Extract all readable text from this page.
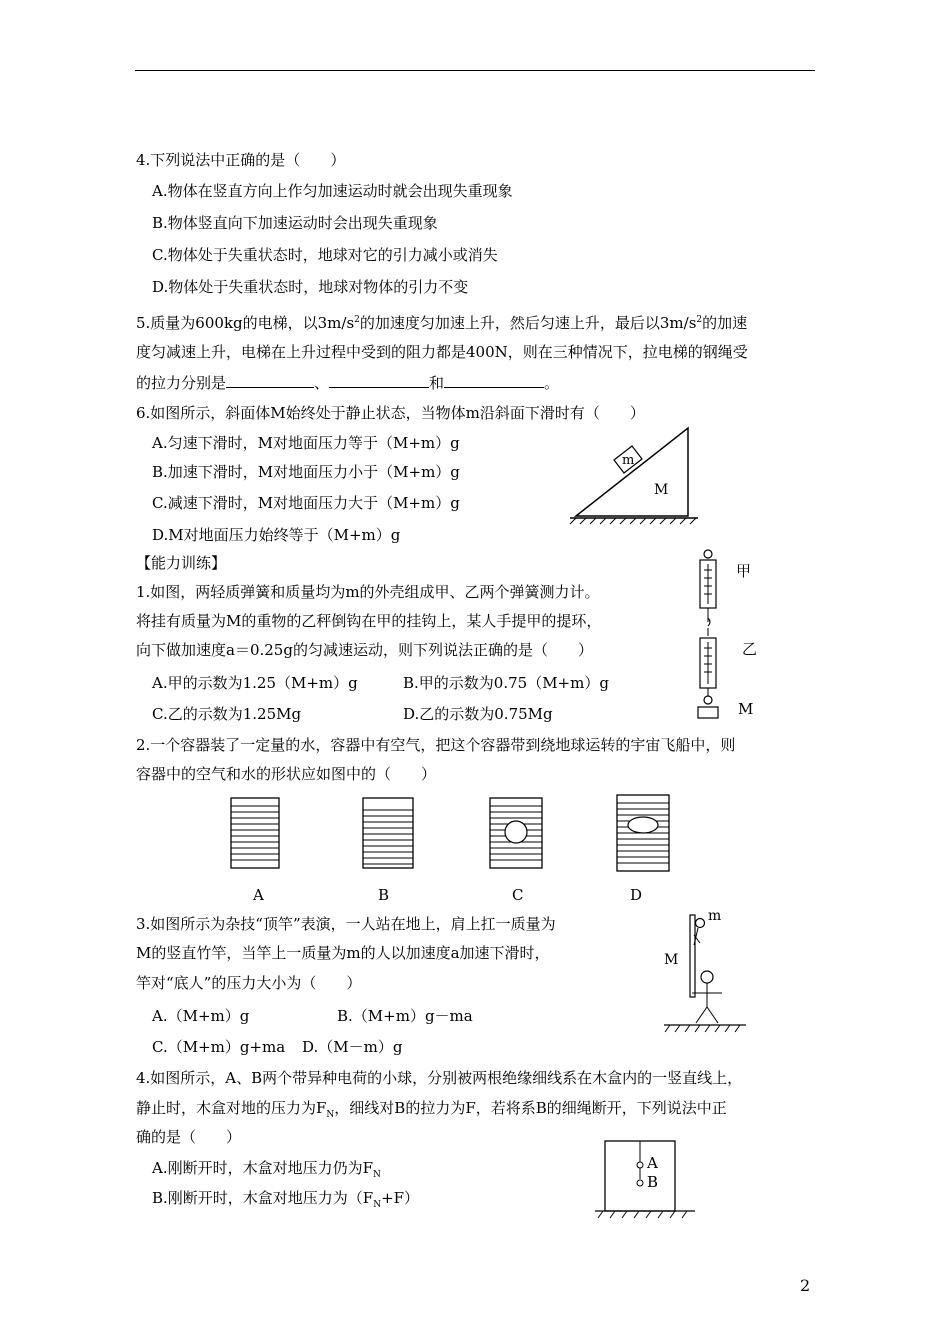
4.下列说法中正确的是（　　）
A.物体在竖直方向上作匀加速运动时就会出现失重现象
B.物体竖直向下加速运动时会出现失重现象
C.物体处于失重状态时，地球对它的引力减小或消失
D.物体处于失重状态时，地球对物体的引力不变
5.质量为600kg的电梯，以$3m/s^2$的加速度匀加速上升，然后匀速上升，最后以$3m/s^2$的加速
度匀减速上升，电梯在上升过程中受到的阻力都是400N，则在三种情况下，拉电梯的钢绳受
的拉力分别是	、	和	。
6.如图所示，斜面体M始终处于静止状态，当物体m沿斜面下滑时有（　　）
A.匀速下滑时，M对地面压力等于（M+m）g
B.加速下滑时，M对地面压力小于（M+m）g
C.减速下滑时，M对地面压力大于（M+m）g
D.M对地面压力始终等于（M+m）g
m
M
【能力训练】
1.如图，两轻质弹簧和质量均为m的外壳组成甲、乙两个弹簧测力计。
将挂有质量为M的重物的乙秤倒钩在甲的挂钩上，某人手提甲的提环，
向下做加速度a＝0.25g的匀减速运动，则下列说法正确的是（　　）
A.甲的示数为1.25（M+m）g	B.甲的示数为0.75（M+m）g
C.乙的示数为1.25Mg	D.乙的示数为0.75Mg
甲
乙
M
2.一个容器装了一定量的水，容器中有空气，把这个容器带到绕地球运转的宇宙飞船中，则
容器中的空气和水的形状应如图中的（　　）
A	B	C	D
3.如图所示为杂技“顶竿”表演，一人站在地上，肩上扛一质量为
M的竖直竹竿，当竿上一质量为m的人以加速度a加速下滑时，
竿对“底人”的压力大小为（　　）
A.（M+m）g	B.（M+m）g－ma
C.（M+m）g+ma D.（M－m）g
m
M
4.如图所示，A、B两个带异种电荷的小球，分别被两根绝缘细线系在木盒内的一竖直线上，
静止时，木盒对地的压力为$F_N$，细线对B的拉力为F，若将系B的细绳断开，下列说法中正
确的是（　　）
A.刚断开时，木盒对地压力仍为$F_N$
B.刚断开时，木盒对地压力为$(F_N+F)$
A
B
2
